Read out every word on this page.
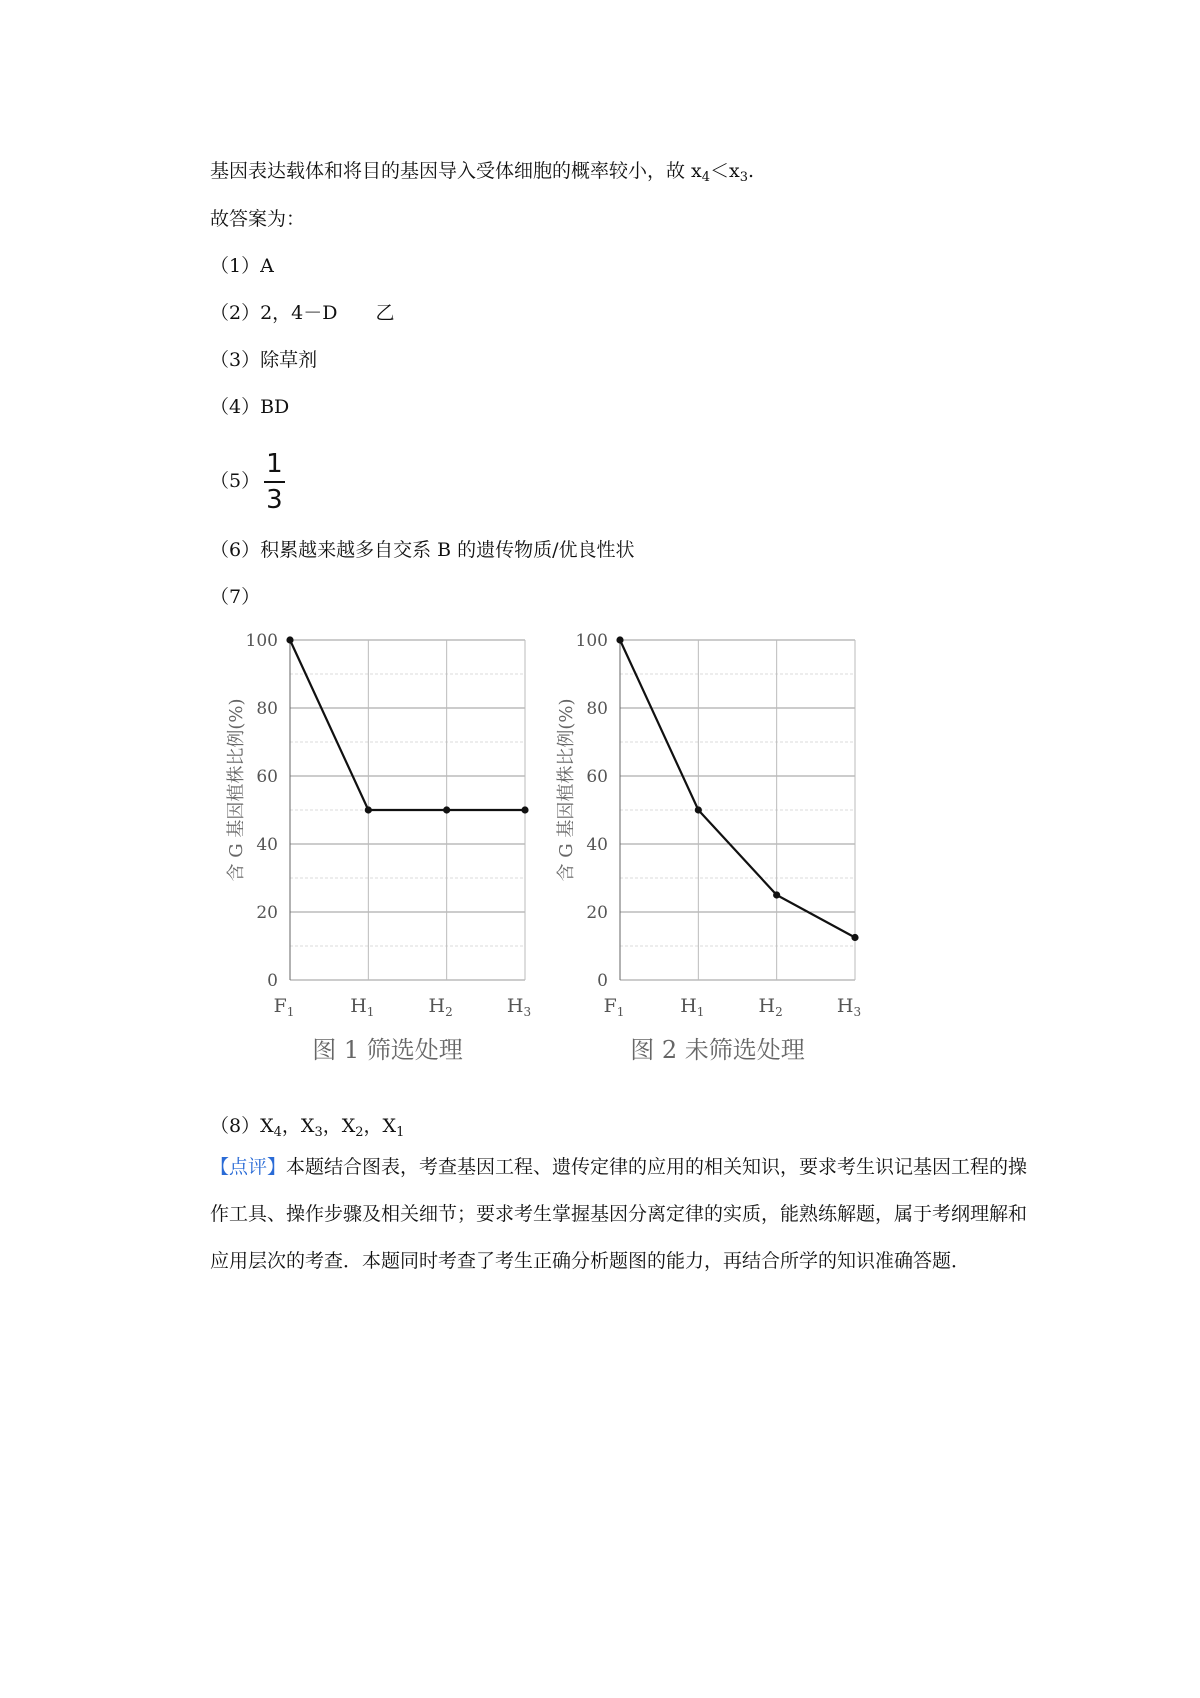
基因表达载体和将目的基因导入受体细胞的概率较小，故 $x_4<x_3$.
故答案为：
（1）A
（2）2，4－D　　乙
（3）除草剂
（4）BD
$(5) \frac{1}{3}$
（6）积累越来越多自交系 B 的遗传物质/优良性状
（7）
0
20
40
60
80
100
$F_1$	$H_1$	$H_2$	$H_3$
含 G 基因植株比例(%)
图 1 筛选处理
0
20
40
60
80
100
$F_1$	$H_1$	$H_2$	$H_3$
含 G 基因植株比例(%)
图 2 未筛选处理
$(8)X_4$，$X_3$，$X_2$，$X_1$
【点评】本题结合图表，考查基因工程、遗传定律的应用的相关知识，要求考生识记基因工程的操作工具、操作步骤及相关细节；要求考生掌握基因分离定律的实质，能熟练解题，属于考纲理解和应用层次的考查．本题同时考查了考生正确分析题图的能力，再结合所学的知识准确答题．
